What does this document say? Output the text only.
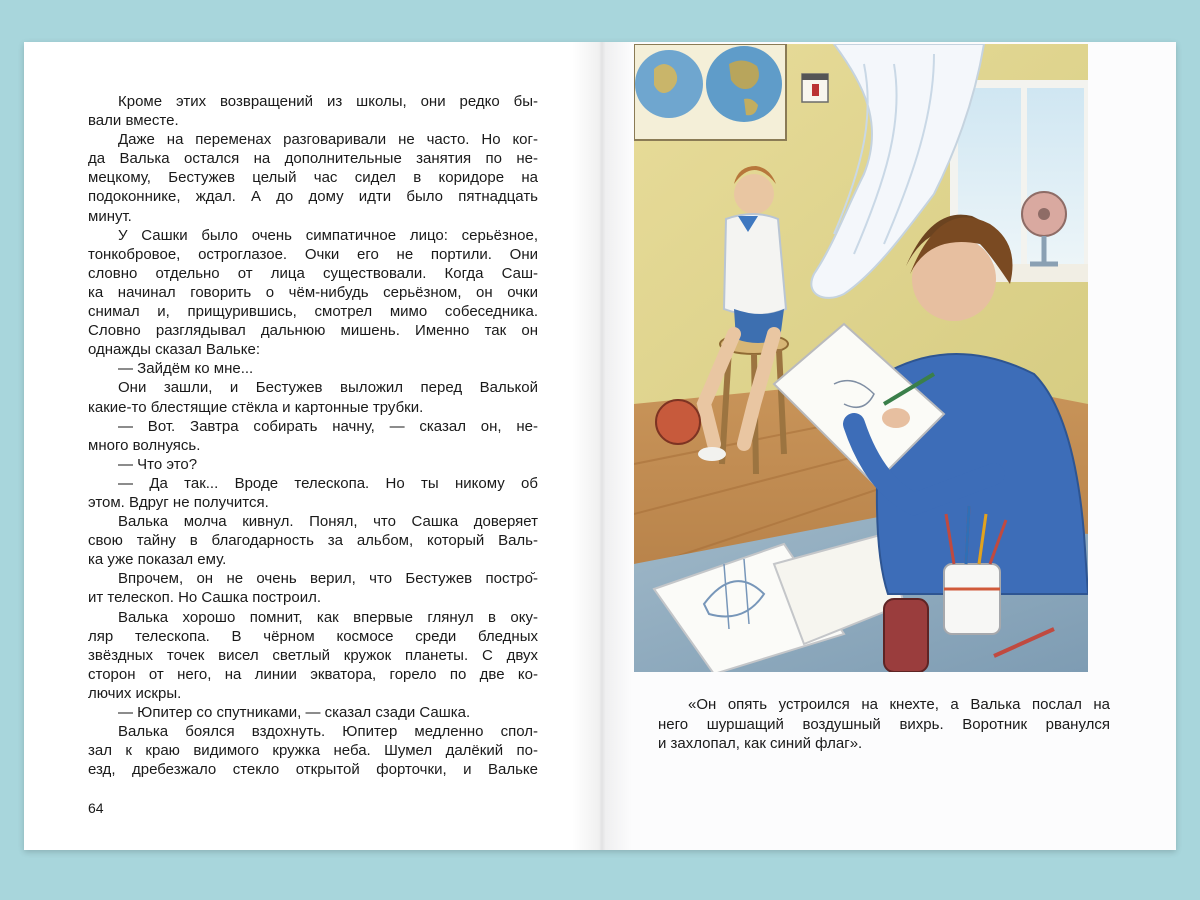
Кроме этих возвращений из школы, они редко бы-
вали вместе.
Даже на переменах разговаривали не часто. Но ког-
да Валька остался на дополнительные занятия по не-
мецкому, Бестужев целый час сидел в коридоре на
подоконнике, ждал. А до дому идти было пятнадцать
минут.
У Сашки было очень симпатичное лицо: серьёзное,
тонкобровое, остроглазое. Очки его не портили. Они
словно отдельно от лица существовали. Когда Саш-
ка начинал говорить о чём-нибудь серьёзном, он очки
снимал и, прищурившись, смотрел мимо собеседника.
Словно разглядывал дальнюю мишень. Именно так он
однажды сказал Вальке:
— Зайдём ко мне...
Они зашли, и Бестужев выложил перед Валькой
какие-то блестящие стёкла и картонные трубки.
— Вот. Завтра собирать начну, — сказал он, не-
много волнуясь.
— Что это?
— Да так... Вроде телескопа. Но ты никому об
этом. Вдруг не получится.
Валька молча кивнул. Понял, что Сашка доверяет
свою тайну в благодарность за альбом, который Валь-
ка уже показал ему.
Впрочем, он не очень верил, что Бестужев постро̆-
ит телескоп. Но Сашка построил.
Валька хорошо помнит, как впервые глянул в оку-
ляр телескопа. В чёрном космосе среди бледных
звёздных точек висел светлый кружок планеты. С двух
сторон от него, на линии экватора, горело по две ко-
лючих искры.
— Юпитер со спутниками, — сказал сзади Сашка.
Валька боялся вздохнуть. Юпитер медленно спол-
зал к краю видимого кружка неба. Шумел далёкий по-
езд, дребезжало стекло открытой форточки, и Вальке
64
«Он опять устроился на кнехте, а Валька послал на
него шуршащий воздушный вихрь. Воротник рванулся
и захлопал, как синий флаг».
